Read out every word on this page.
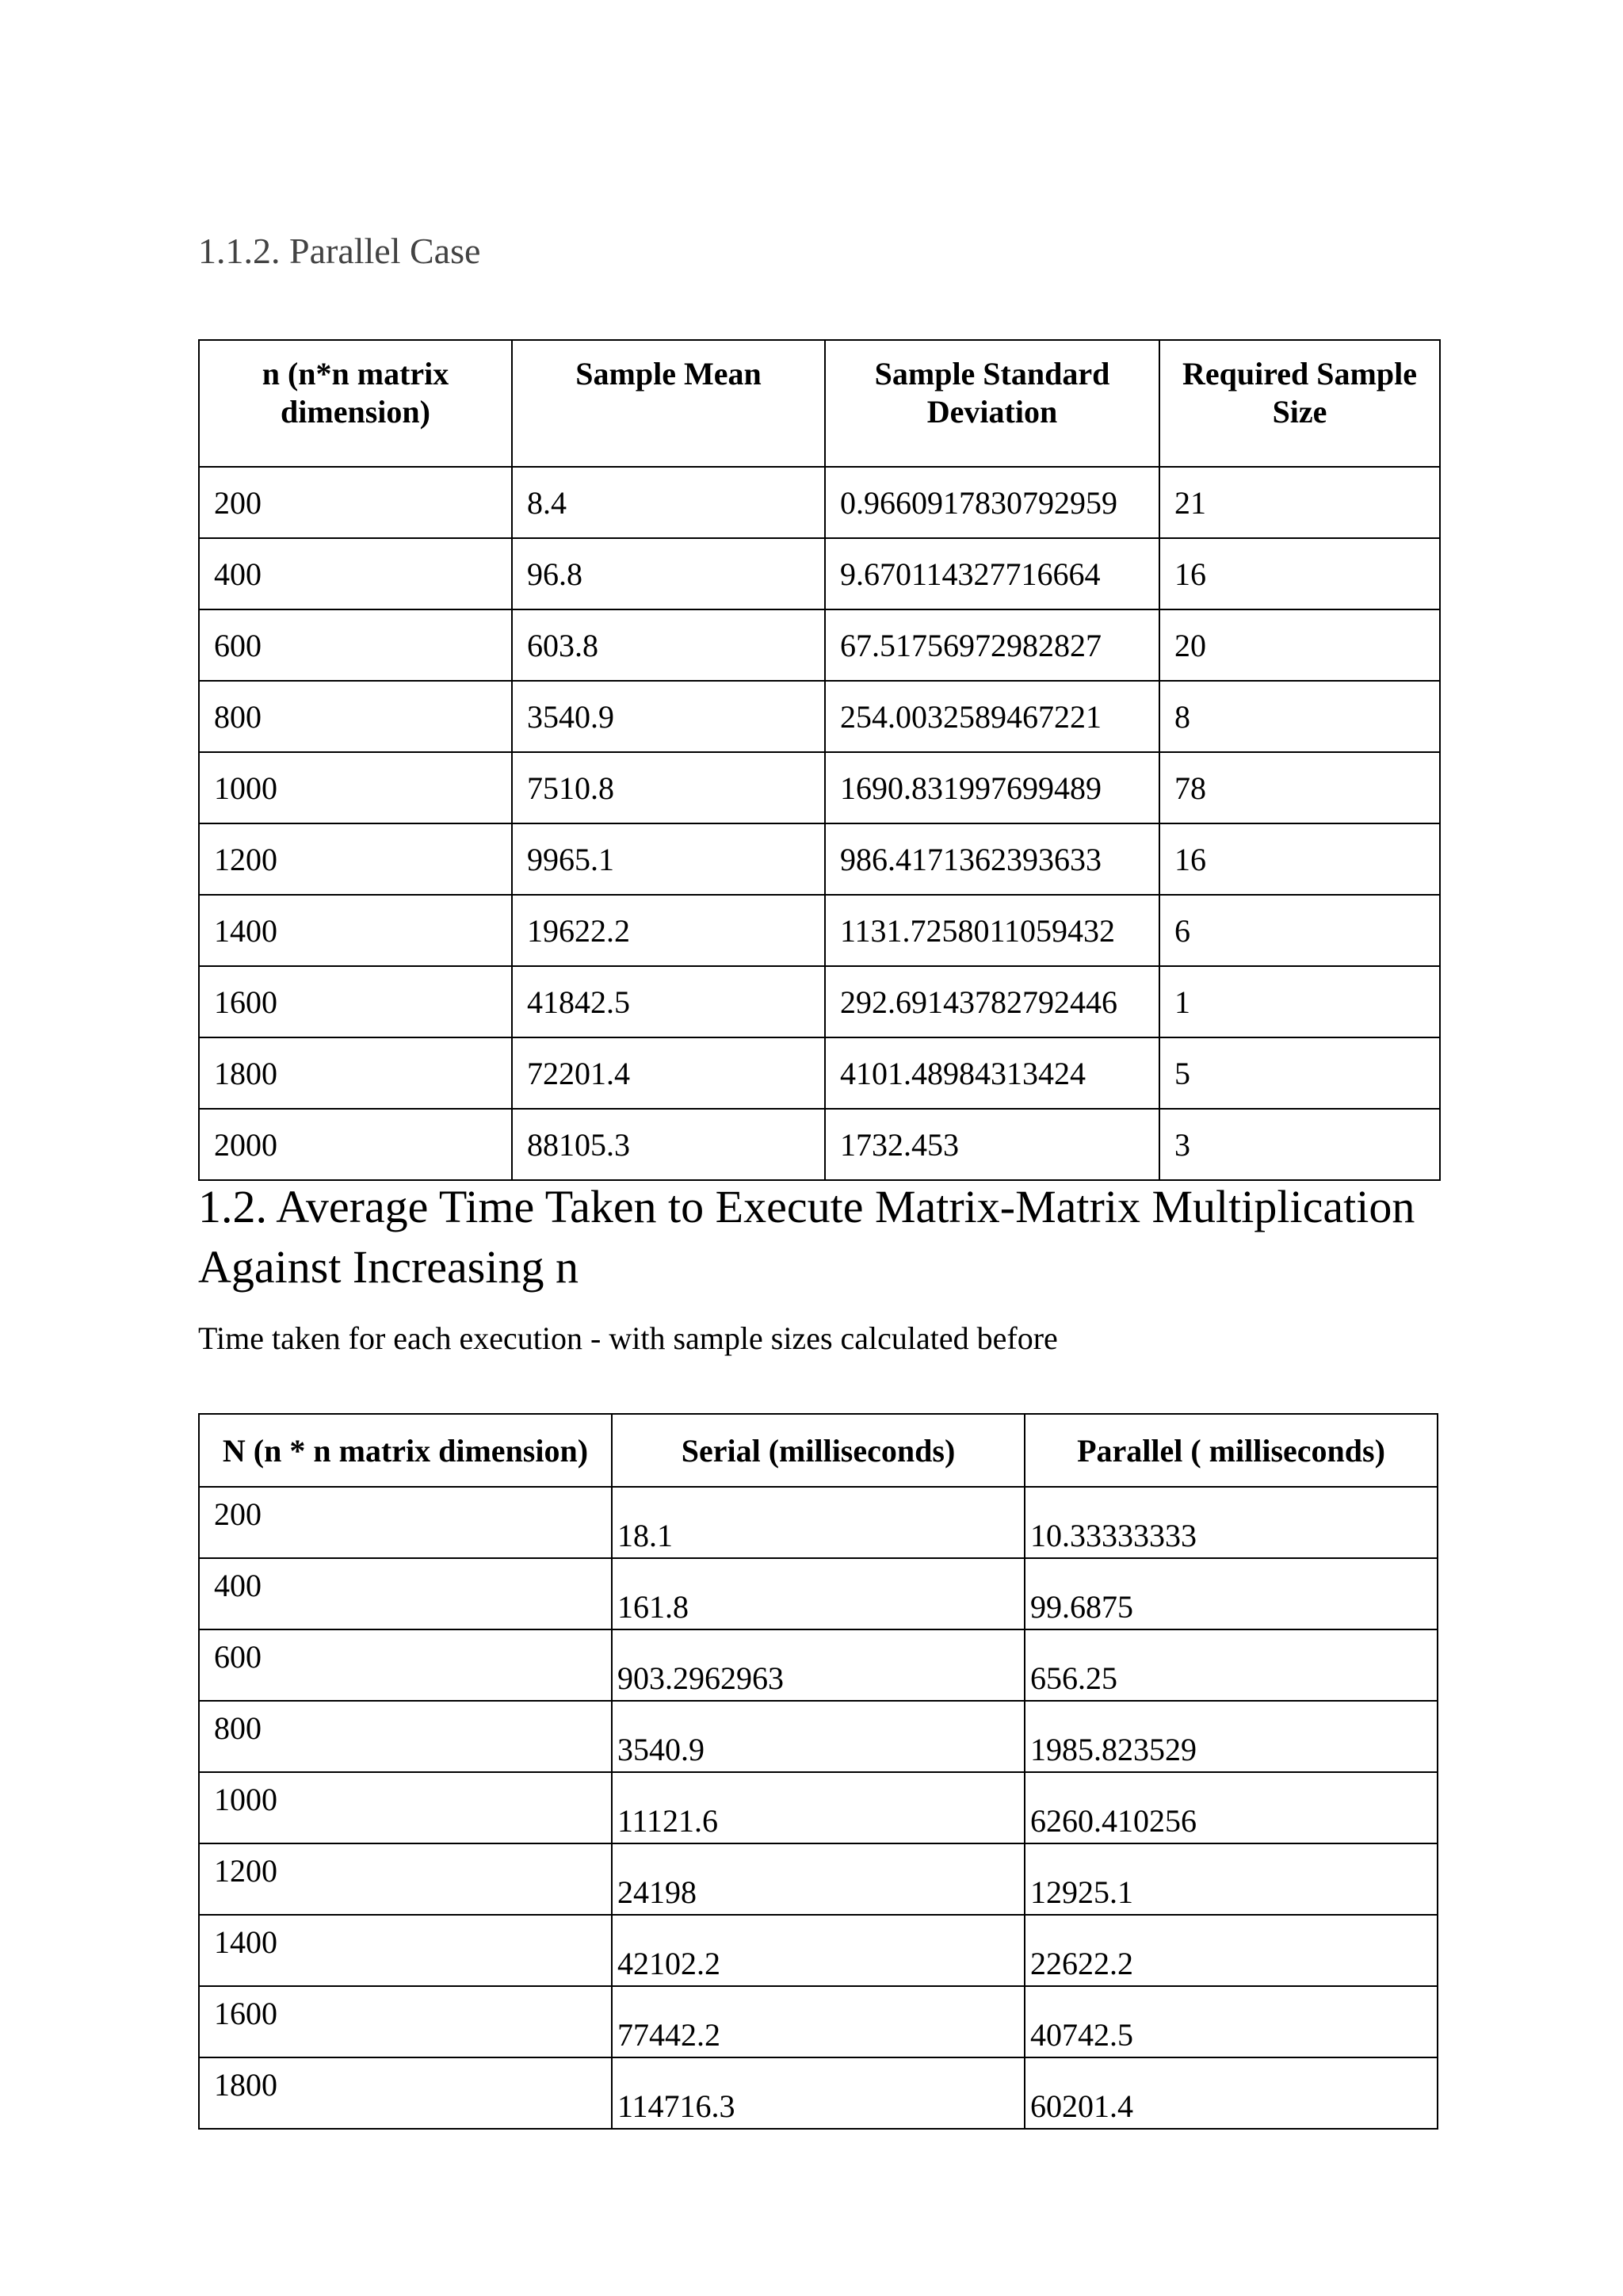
1.1.2. Parallel Case
n (n*n matrix dimension)	Sample Mean	Sample Standard Deviation	Required Sample Size
200	8.4	0.9660917830792959	21
400	96.8	9.670114327716664	16
600	603.8	67.51756972982827	20
800	3540.9	254.0032589467221	8
1000	7510.8	1690.831997699489	78
1200	9965.1	986.4171362393633	16
1400	19622.2	1131.7258011059432	6
1600	41842.5	292.69143782792446	1
1800	72201.4	4101.48984313424	5
2000	88105.3	1732.453	3
1.2. Average Time Taken to Execute Matrix-Matrix Multiplication Against Increasing n

Time taken for each execution - with sample sizes calculated before

N (n * n matrix dimension)	Serial (milliseconds)	Parallel ( milliseconds)

200	18.1	10.33333333

400	161.8	99.6875

600	903.2962963	656.25

800	3540.9	1985.823529

1000	11121.6	6260.410256

1200	24198	12925.1

1400	42102.2	22622.2

1600	77442.2	40742.5

1800	114716.3	60201.4
